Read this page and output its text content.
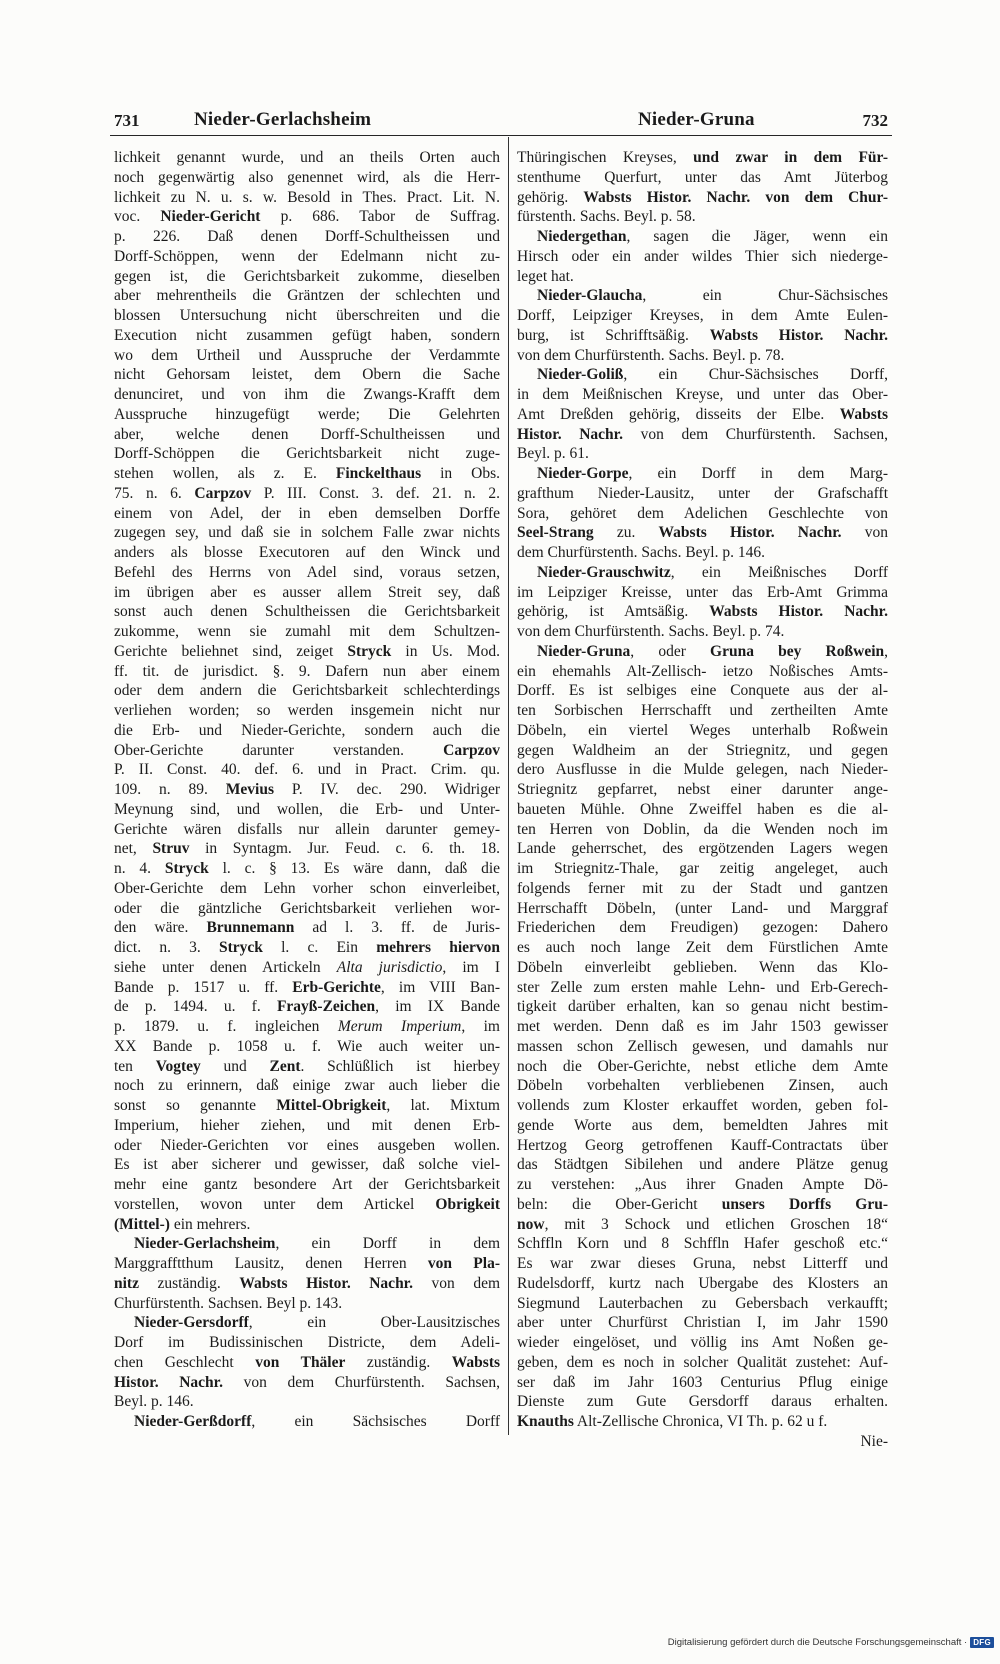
731	Nieder-Gerlachsheim	Nieder-Gruna	732
lichkeit genannt wurde, und an theils Orten auch
noch gegenwärtig also genennet wird, als die Herr-
lichkeit zu N. u. s. w. Besold in Thes. Pract. Lit. N.
voc. Nieder-Gericht p. 686. Tabor de Suffrag.
p. 226. Daß denen Dorff-Schultheissen und
Dorff-Schöppen, wenn der Edelmann nicht zu-
gegen ist, die Gerichtsbarkeit zukomme, dieselben
aber mehrentheils die Gräntzen der schlechten und
blossen Untersuchung nicht überschreiten und die
Execution nicht zusammen gefügt haben, sondern
wo dem Urtheil und Ausspruche der Verdammte
nicht Gehorsam leistet, dem Obern die Sache
denunciret, und von ihm die Zwangs-Krafft dem
Ausspruche hinzugefügt werde; Die Gelehrten
aber, welche denen Dorff-Schultheissen und
Dorff-Schöppen die Gerichtsbarkeit nicht zuge-
stehen wollen, als z. E. Finckelthaus in Obs.
75. n. 6. Carpzov P. III. Const. 3. def. 21. n. 2.
einem von Adel, der in eben demselben Dorffe
zugegen sey, und daß sie in solchem Falle zwar nichts
anders als blosse Executoren auf den Winck und
Befehl des Herrns von Adel sind, voraus setzen,
im übrigen aber es ausser allem Streit sey, daß
sonst auch denen Schultheissen die Gerichtsbarkeit
zukomme, wenn sie zumahl mit dem Schultzen-
Gerichte beliehnet sind, zeiget Stryck in Us. Mod.
ff. tit. de jurisdict. §. 9. Dafern nun aber einem
oder dem andern die Gerichtsbarkeit schlechterdings
verliehen worden; so werden insgemein nicht nur
die Erb- und Nieder-Gerichte, sondern auch die
Ober-Gerichte darunter verstanden. Carpzov
P. II. Const. 40. def. 6. und in Pract. Crim. qu.
109. n. 89. Mevius P. IV. dec. 290. Widriger
Meynung sind, und wollen, die Erb- und Unter-
Gerichte wären disfalls nur allein darunter gemey-
net, Struv in Syntagm. Jur. Feud. c. 6. th. 18.
n. 4. Stryck l. c. § 13. Es wäre dann, daß die
Ober-Gerichte dem Lehn vorher schon einverleibet,
oder die gäntzliche Gerichtsbarkeit verliehen wor-
den wäre. Brunnemann ad l. 3. ff. de Juris-
dict. n. 3. Stryck l. c. Ein mehrers hiervon
siehe unter denen Artickeln Alta jurisdictio, im I
Bande p. 1517 u. ff. Erb-Gerichte, im VIII Ban-
de p. 1494. u. f. Frayß-Zeichen, im IX Bande
p. 1879. u. f. ingleichen Merum Imperium, im
XX Bande p. 1058 u. f. Wie auch weiter un-
ten Vogtey und Zent. Schlüßlich ist hierbey
noch zu erinnern, daß einige zwar auch lieber die
sonst so genannte Mittel-Obrigkeit, lat. Mixtum
Imperium, hieher ziehen, und mit denen Erb-
oder Nieder-Gerichten vor eines ausgeben wollen.
Es ist aber sicherer und gewisser, daß solche viel-
mehr eine gantz besondere Art der Gerichtsbarkeit
vorstellen, wovon unter dem Artickel Obrigkeit
(Mittel-) ein mehrers.
Nieder-Gerlachsheim, ein Dorff in dem
Marggrafftthum Lausitz, denen Herren von Pla-
nitz zuständig. Wabsts Histor. Nachr. von dem
Churfürstenth. Sachsen. Beyl p. 143.
Nieder-Gersdorff, ein Ober-Lausitzisches
Dorf im Budissinischen Districte, dem Adeli-
chen Geschlecht von Thäler zuständig. Wabsts
Histor. Nachr. von dem Churfürstenth. Sachsen,
Beyl. p. 146.
Nieder-Gerßdorff, ein Sächsisches Dorff
Thüringischen Kreyses, und zwar in dem Für-
stenthume Querfurt, unter das Amt Jüterbog
gehörig. Wabsts Histor. Nachr. von dem Chur-
fürstenth. Sachs. Beyl. p. 58.
Niedergethan, sagen die Jäger, wenn ein
Hirsch oder ein ander wildes Thier sich niederge-
leget hat.
Nieder-Glaucha, ein Chur-Sächsisches
Dorff, Leipziger Kreyses, in dem Amte Eulen-
burg, ist Schrifftsäßig. Wabsts Histor. Nachr.
von dem Churfürstenth. Sachs. Beyl. p. 78.
Nieder-Goliß, ein Chur-Sächsisches Dorff,
in dem Meißnischen Kreyse, und unter das Ober-
Amt Dreßden gehörig, disseits der Elbe. Wabsts
Histor. Nachr. von dem Churfürstenth. Sachsen,
Beyl. p. 61.
Nieder-Gorpe, ein Dorff in dem Marg-
grafthum Nieder-Lausitz, unter der Grafschafft
Sora, gehöret dem Adelichen Geschlechte von
Seel-Strang zu. Wabsts Histor. Nachr. von
dem Churfürstenth. Sachs. Beyl. p. 146.
Nieder-Grauschwitz, ein Meißnisches Dorff
im Leipziger Kreisse, unter das Erb-Amt Grimma
gehörig, ist Amtsäßig. Wabsts Histor. Nachr.
von dem Churfürstenth. Sachs. Beyl. p. 74.
Nieder-Gruna, oder Gruna bey Roßwein,
ein ehemahls Alt-Zellisch- ietzo Noßisches Amts-
Dorff. Es ist selbiges eine Conquete aus der al-
ten Sorbischen Herrschafft und zertheilten Amte
Döbeln, ein viertel Weges unterhalb Roßwein
gegen Waldheim an der Striegnitz, und gegen
dero Ausflusse in die Mulde gelegen, nach Nieder-
Striegnitz gepfarret, nebst einer darunter ange-
baueten Mühle. Ohne Zweiffel haben es die al-
ten Herren von Doblin, da die Wenden noch im
Lande geherrschet, des ergötzenden Lagers wegen
im Striegnitz-Thale, gar zeitig angeleget, auch
folgends ferner mit zu der Stadt und gantzen
Herrschafft Döbeln, (unter Land- und Marggraf
Friederichen dem Freudigen) gezogen: Dahero
es auch noch lange Zeit dem Fürstlichen Amte
Döbeln einverleibt geblieben. Wenn das Klo-
ster Zelle zum ersten mahle Lehn- und Erb-Gerech-
tigkeit darüber erhalten, kan so genau nicht bestim-
met werden. Denn daß es im Jahr 1503 gewisser
massen schon Zellisch gewesen, und damahls nur
noch die Ober-Gerichte, nebst etliche dem Amte
Döbeln vorbehalten verbliebenen Zinsen, auch
vollends zum Kloster erkauffet worden, geben fol-
gende Worte aus dem, bemeldten Jahres mit
Hertzog Georg getroffenen Kauff-Contractats über
das Städtgen Sibilehen und andere Plätze genug
zu verstehen: „Aus ihrer Gnaden Ampte Dö-
beln: die Ober-Gericht unsers Dorffs Gru-
now, mit 3 Schock und etlichen Groschen 18“
Schffln Korn und 8 Schffln Hafer geschoß etc.“
Es war zwar dieses Gruna, nebst Litterff und
Rudelsdorff, kurtz nach Ubergabe des Klosters an
Siegmund Lauterbachen zu Gebersbach verkaufft;
aber unter Churfürst Christian I, im Jahr 1590
wieder eingelöset, und völlig ins Amt Noßen ge-
geben, dem es noch in solcher Qualität zustehet: Auf-
ser daß im Jahr 1603 Centurius Pflug einige
Dienste zum Gute Gersdorff daraus erhalten.
Knauths Alt-Zellische Chronica, VI Th. p. 62 u f.
Nie-
Digitalisierung gefördert durch die Deutsche Forschungsgemeinschaft · DFG
